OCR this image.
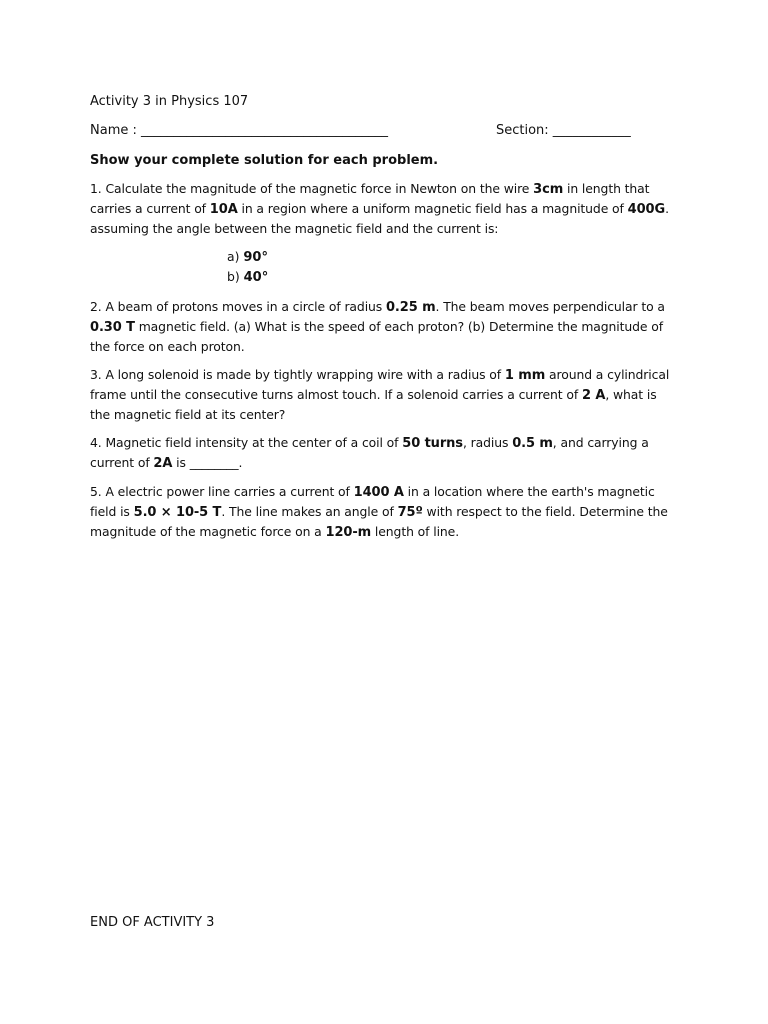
Activity 3 in Physics 107
Name : ______________________________________	Section: ____________
Show your complete solution for each problem.
1. Calculate the magnitude of the magnetic force in Newton on the wire 3cm in length that carries a current of 10A in a region where a uniform magnetic field has a magnitude of 400G. assuming the angle between the magnetic field and the current is:
a) 90°
b) 40°
2. A beam of protons moves in a circle of radius 0.25 m. The beam moves perpendicular to a 0.30 T magnetic field. (a) What is the speed of each proton? (b) Determine the magnitude of the force on each proton.
3. A long solenoid is made by tightly wrapping wire with a radius of 1 mm around a cylindrical frame until the consecutive turns almost touch. If a solenoid carries a current of 2 A, what is the magnetic field at its center?
4. Magnetic field intensity at the center of a coil of 50 turns, radius 0.5 m, and carrying a current of 2A is ________.
5. A electric power line carries a current of 1400 A in a location where the earth's magnetic field is 5.0 × 10-5 T. The line makes an angle of 75º with respect to the field. Determine the magnitude of the magnetic force on a 120-m length of line.
END OF ACTIVITY 3
